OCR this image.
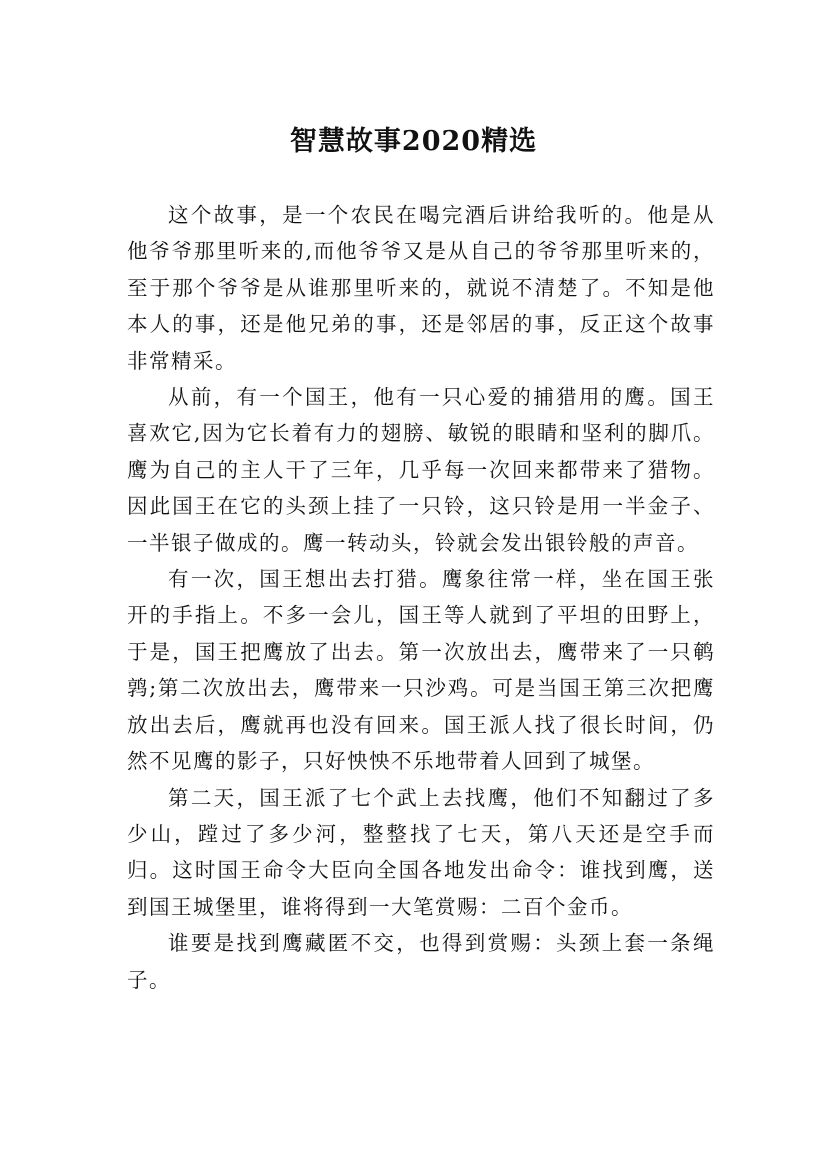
智慧故事2020精选

这个故事，是一个农民在喝完酒后讲给我听的。他是从他爷爷那里听来的,而他爷爷又是从自己的爷爷那里听来的，至于那个爷爷是从谁那里听来的，就说不清楚了。不知是他本人的事，还是他兄弟的事，还是邻居的事，反正这个故事非常精采。

从前，有一个国王，他有一只心爱的捕猎用的鹰。国王喜欢它,因为它长着有力的翅膀、敏锐的眼睛和坚利的脚爪。鹰为自己的主人干了三年，几乎每一次回来都带来了猎物。因此国王在它的头颈上挂了一只铃，这只铃是用一半金子、一半银子做成的。鹰一转动头，铃就会发出银铃般的声音。

有一次，国王想出去打猎。鹰象往常一样，坐在国王张开的手指上。不多一会儿，国王等人就到了平坦的田野上，于是，国王把鹰放了出去。第一次放出去，鹰带来了一只鹌鹑;第二次放出去，鹰带来一只沙鸡。可是当国王第三次把鹰放出去后，鹰就再也没有回来。国王派人找了很长时间，仍然不见鹰的影子，只好怏怏不乐地带着人回到了城堡。

第二天，国王派了七个武上去找鹰，他们不知翻过了多少山，蹚过了多少河，整整找了七天，第八天还是空手而归。这时国王命令大臣向全国各地发出命令：谁找到鹰，送到国王城堡里，谁将得到一大笔赏赐：二百个金币。

谁要是找到鹰藏匿不交，也得到赏赐：头颈上套一条绳子。
